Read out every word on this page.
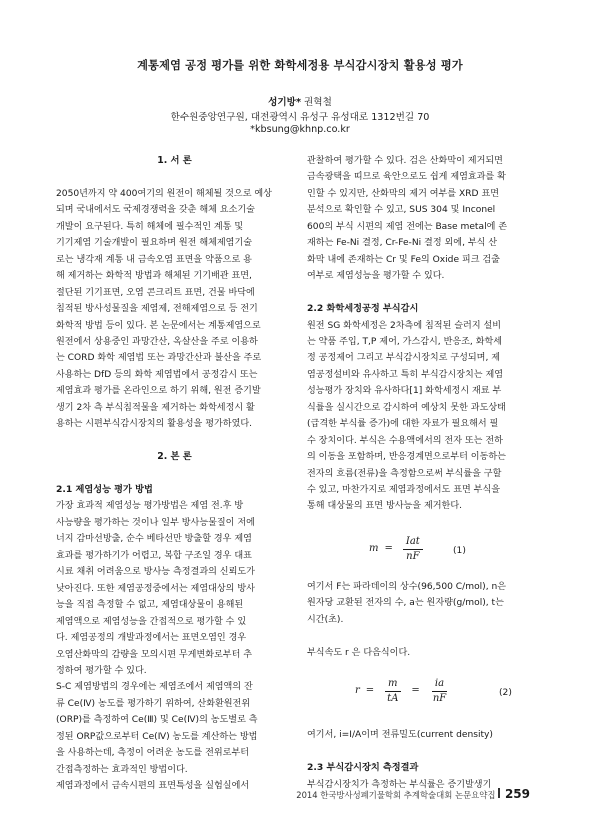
계통제염 공정 평가를 위한 화학세정용 부식감시장치 활용성 평가
성기방* 권혁철
한수원중앙연구원, 대전광역시 유성구 유성대로 1312번길 70
*kbsung@khnp.co.kr
1. 서 론
2050년까지 약 400여기의 원전이 해체될 것으로 예상
되며 국내에서도 국제경쟁력을 갖춘 해체 요소기술
개발이 요구된다. 특히 해체에 필수적인 계통 및
기기제염 기술개발이 필요하며 원전 해체제염기술
로는 냉각재 계통 내 금속오염 표면을 약품으로 용
해 제거하는 화학적 방법과 해체된 기기배관 표면,
절단된 기기표면, 오염 콘크리트 표면, 건물 바닥에
침적된 방사성물질을 제염제, 전해제염으로 등 전기
화학적 방법 등이 있다. 본 논문에서는 계통제염으로
원전에서 상용중인 과망간산, 옥살산을 주로 이용하
는 CORD 화학 제염법 또는 과망간산과 불산을 주로
사용하는 DfD 등의 화학 제염법에서 공정감시 또는
제염효과 평가를 온라인으로 하기 위해, 원전 증기발
생기 2차 측 부식침적물을 제거하는 화학세정시 활
용하는 시편부식감시장치의 활용성을 평가하였다.
2. 본 론
2.1 제염성능 평가 방법
가장 효과적 제염성능 평가방법은 제염 전.후 방
사능량을 평가하는 것이나 일부 방사능물질이 저에
너지 감마선방출, 순수 베타선만 방출할 경우 제염
효과를 평가하기가 어렵고, 복합 구조일 경우 대표
시료 채취 어려움으로 방사능 측정결과의 신뢰도가
낮아진다. 또한 제염공정중에서는 제염대상의 방사
능을 직접 측정할 수 없고, 제염대상물이 용해된
제염액으로 제염성능을 간접적으로 평가할 수 있
다. 제염공정의 개발과정에서는 표면오염인 경우
오염산화막의 감량을 모의시편 무게변화로부터 추
정하여 평가할 수 있다.
S-C 제염방법의 경우에는 제염조에서 제염액의 잔
류 Ce(Ⅳ) 농도를 평가하기 위하여, 산화환원전위
(ORP)를 측정하여 Ce(Ⅲ) 및 Ce(Ⅳ)의 농도별로 측
정된 ORP값으로부터 Ce(Ⅳ) 농도를 계산하는 방법
을 사용하는데, 측정이 어려운 농도를 전위로부터
간접측정하는 효과적인 방법이다.
제염과정에서 금속시편의 표면특성을 실험실에서
관찰하여 평가할 수 있다. 검은 산화막이 제거되면
금속광택을 띠므로 육안으로도 쉽게 제염효과를 확
인할 수 있지만, 산화막의 제거 여부를 XRD 표면
분석으로 확인할 수 있고, SUS 304 및 Inconel
600의 부식 시편의 제염 전에는 Base metal에 존
재하는 Fe-Ni 결정, Cr-Fe-Ni 결정 외에, 부식 산
화막 내에 존재하는 Cr 및 Fe의 Oxide 피크 검출
여부로 제염성능을 평가할 수 있다.
2.2 화학세정공정 부식감시
원전 SG 화학세정은 2차측에 침적된 슬러지 설비
는 약품 주입, T,P 제어, 가스감시, 반응조, 화학세
정 공정제어 그리고 부식감시장치로 구성되며, 제
염공정설비와 유사하고 특히 부식감시장치는 제염
성능평가 장치와 유사하다[1] 화학세정시 재료 부
식률을 실시간으로 감시하여 예상치 못한 과도상태
(급격한 부식률 증가)에 대한 자료가 필요해서 필
수 장치이다. 부식은 수용액에서의 전자 또는 전하
의 이동을 포함하며, 반응경계면으로부터 이동하는
전자의 흐름(전류)을 측정함으로써 부식률을 구할
수 있고, 마찬가지로 제염과정에서도 표면 부식을
통해 대상물의 표면 방사능을 제거한다.
$m = \frac{\text{Iat}}{nF}$	(1)
여기서 F는 파라데이의 상수(96,500 C/mol), n은
원자당 교환된 전자의 수, a는 원자량(g/mol), t는
시간(초).
부식속도 r 은 다음식이다.
$r = \frac{m}{tA} = \frac{ia}{nF}$	(2)
여기서, i=I/A이며 전류밀도(current density)
2.3 부식감시장치 측정결과
부식감시장치가 측정하는 부식률은 증기발생기
2014 한국방사성폐기물학회 추계학술대회 논문요약집 259
